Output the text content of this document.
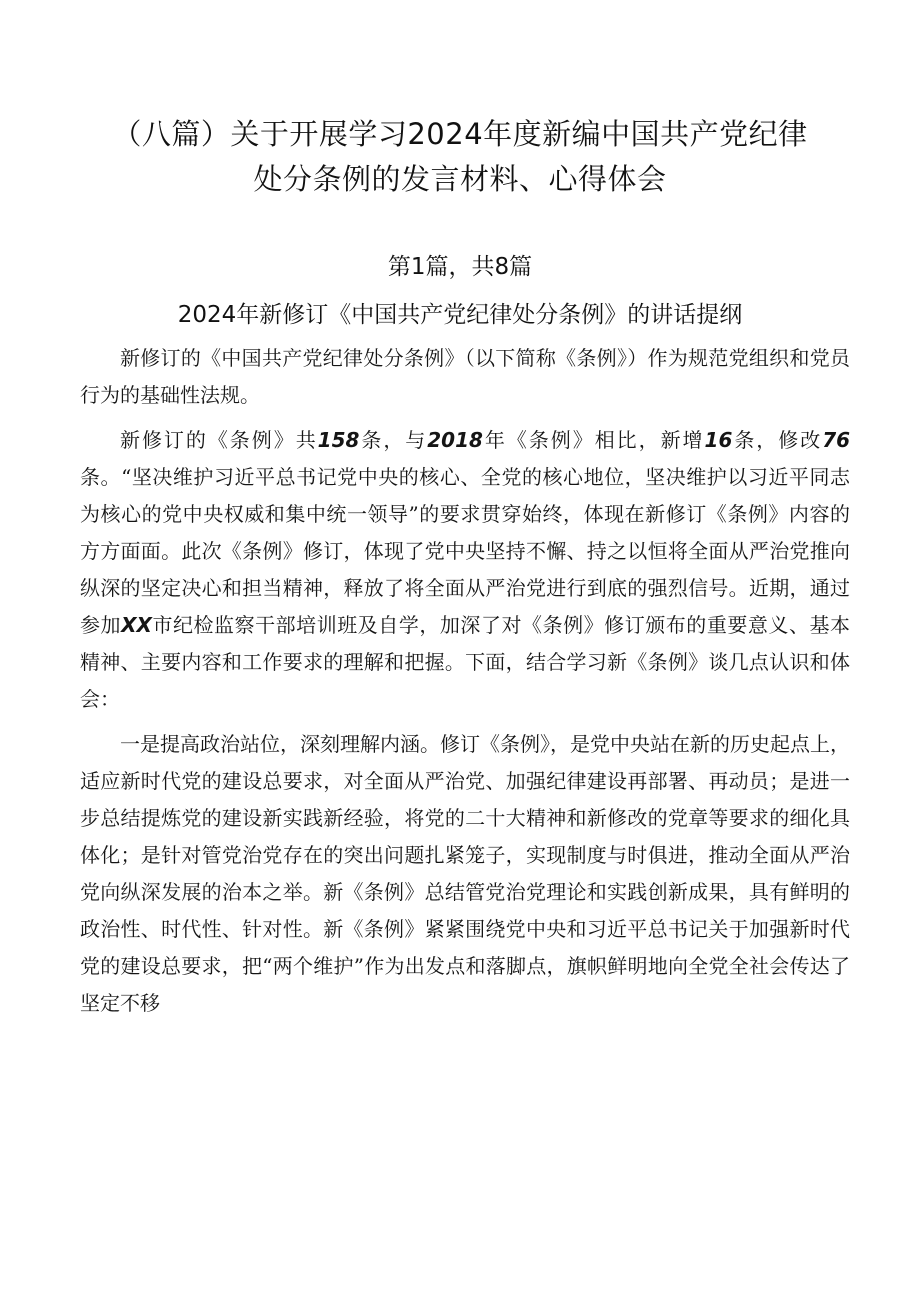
（八篇）关于开展学习2024年度新编中国共产党纪律
处分条例的发言材料、心得体会
第1篇，共8篇
2024年新修订《中国共产党纪律处分条例》的讲话提纲

新修订的《中国共产党纪律处分条例》（以下简称《条例》）作为规范党组织和党员行为的基础性法规。

新修订的《条例》共158条，与2018年《条例》相比，新增16条，修改76条。“坚决维护习近平总书记党中央的核心、全党的核心地位，坚决维护以习近平同志为核心的党中央权威和集中统一领导”的要求贯穿始终，体现在新修订《条例》内容的方方面面。此次《条例》修订，体现了党中央坚持不懈、持之以恒将全面从严治党推向纵深的坚定决心和担当精神，释放了将全面从严治党进行到底的强烈信号。近期，通过参加XX市纪检监察干部培训班及自学，加深了对《条例》修订颁布的重要意义、基本精神、主要内容和工作要求的理解和把握。下面，结合学习新《条例》谈几点认识和体会：

一是提高政治站位，深刻理解内涵。修订《条例》，是党中央站在新的历史起点上，适应新时代党的建设总要求，对全面从严治党、加强纪律建设再部署、再动员；是进一步总结提炼党的建设新实践新经验，将党的二十大精神和新修改的党章等要求的细化具体化；是针对管党治党存在的突出问题扎紧笼子，实现制度与时俱进，推动全面从严治党向纵深发展的治本之举。新《条例》总结管党治党理论和实践创新成果，具有鲜明的政治性、时代性、针对性。新《条例》紧紧围绕党中央和习近平总书记关于加强新时代党的建设总要求，把“两个维护”作为出发点和落脚点，旗帜鲜明地向全党全社会传达了坚定不移
